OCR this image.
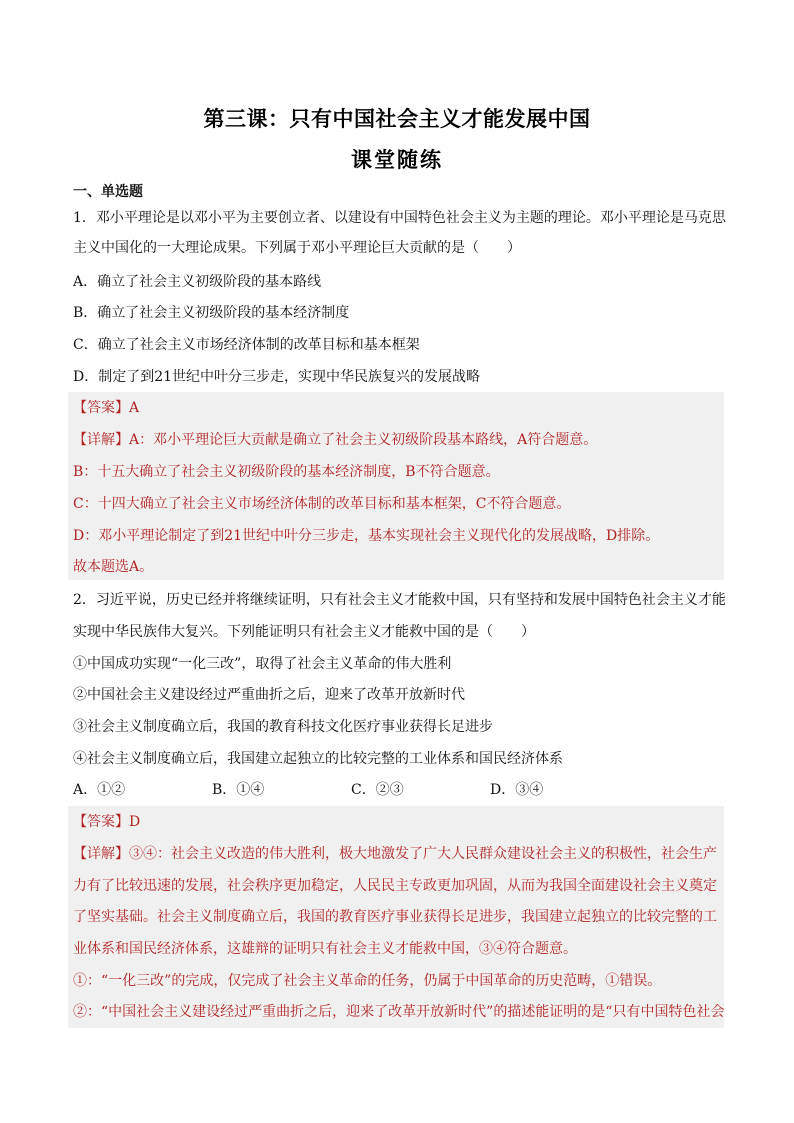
第三课：只有中国社会主义才能发展中国
课堂随练
一、单选题
1．邓小平理论是以邓小平为主要创立者、以建设有中国特色社会主义为主题的理论。邓小平理论是马克思
主义中国化的一大理论成果。下列属于邓小平理论巨大贡献的是（　　）
A．确立了社会主义初级阶段的基本路线
B．确立了社会主义初级阶段的基本经济制度
C．确立了社会主义市场经济体制的改革目标和基本框架
D．制定了到21世纪中叶分三步走，实现中华民族复兴的发展战略
【答案】A
【详解】A：邓小平理论巨大贡献是确立了社会主义初级阶段基本路线，A符合题意。
B：十五大确立了社会主义初级阶段的基本经济制度，B不符合题意。
C：十四大确立了社会主义市场经济体制的改革目标和基本框架，C不符合题意。
D：邓小平理论制定了到21世纪中叶分三步走，基本实现社会主义现代化的发展战略，D排除。
故本题选A。
2．习近平说，历史已经并将继续证明，只有社会主义才能救中国，只有坚持和发展中国特色社会主义才能
实现中华民族伟大复兴。下列能证明只有社会主义才能救中国的是（　　）
①中国成功实现“一化三改”，取得了社会主义革命的伟大胜利
②中国社会主义建设经过严重曲折之后，迎来了改革开放新时代
③社会主义制度确立后，我国的教育科技文化医疗事业获得长足进步
④社会主义制度确立后，我国建立起独立的比较完整的工业体系和国民经济体系
A．①②	B．①④	C．②③	D．③④
【答案】D
【详解】③④：社会主义改造的伟大胜利，极大地激发了广大人民群众建设社会主义的积极性，社会生产
力有了比较迅速的发展，社会秩序更加稳定，人民民主专政更加巩固，从而为我国全面建设社会主义奠定
了坚实基础。社会主义制度确立后，我国的教育医疗事业获得长足进步，我国建立起独立的比较完整的工
业体系和国民经济体系，这雄辩的证明只有社会主义才能救中国，③④符合题意。
①：“一化三改”的完成，仅完成了社会主义革命的任务，仍属于中国革命的历史范畴，①错误。
②：“中国社会主义建设经过严重曲折之后，迎来了改革开放新时代”的描述能证明的是“只有中国特色社会
